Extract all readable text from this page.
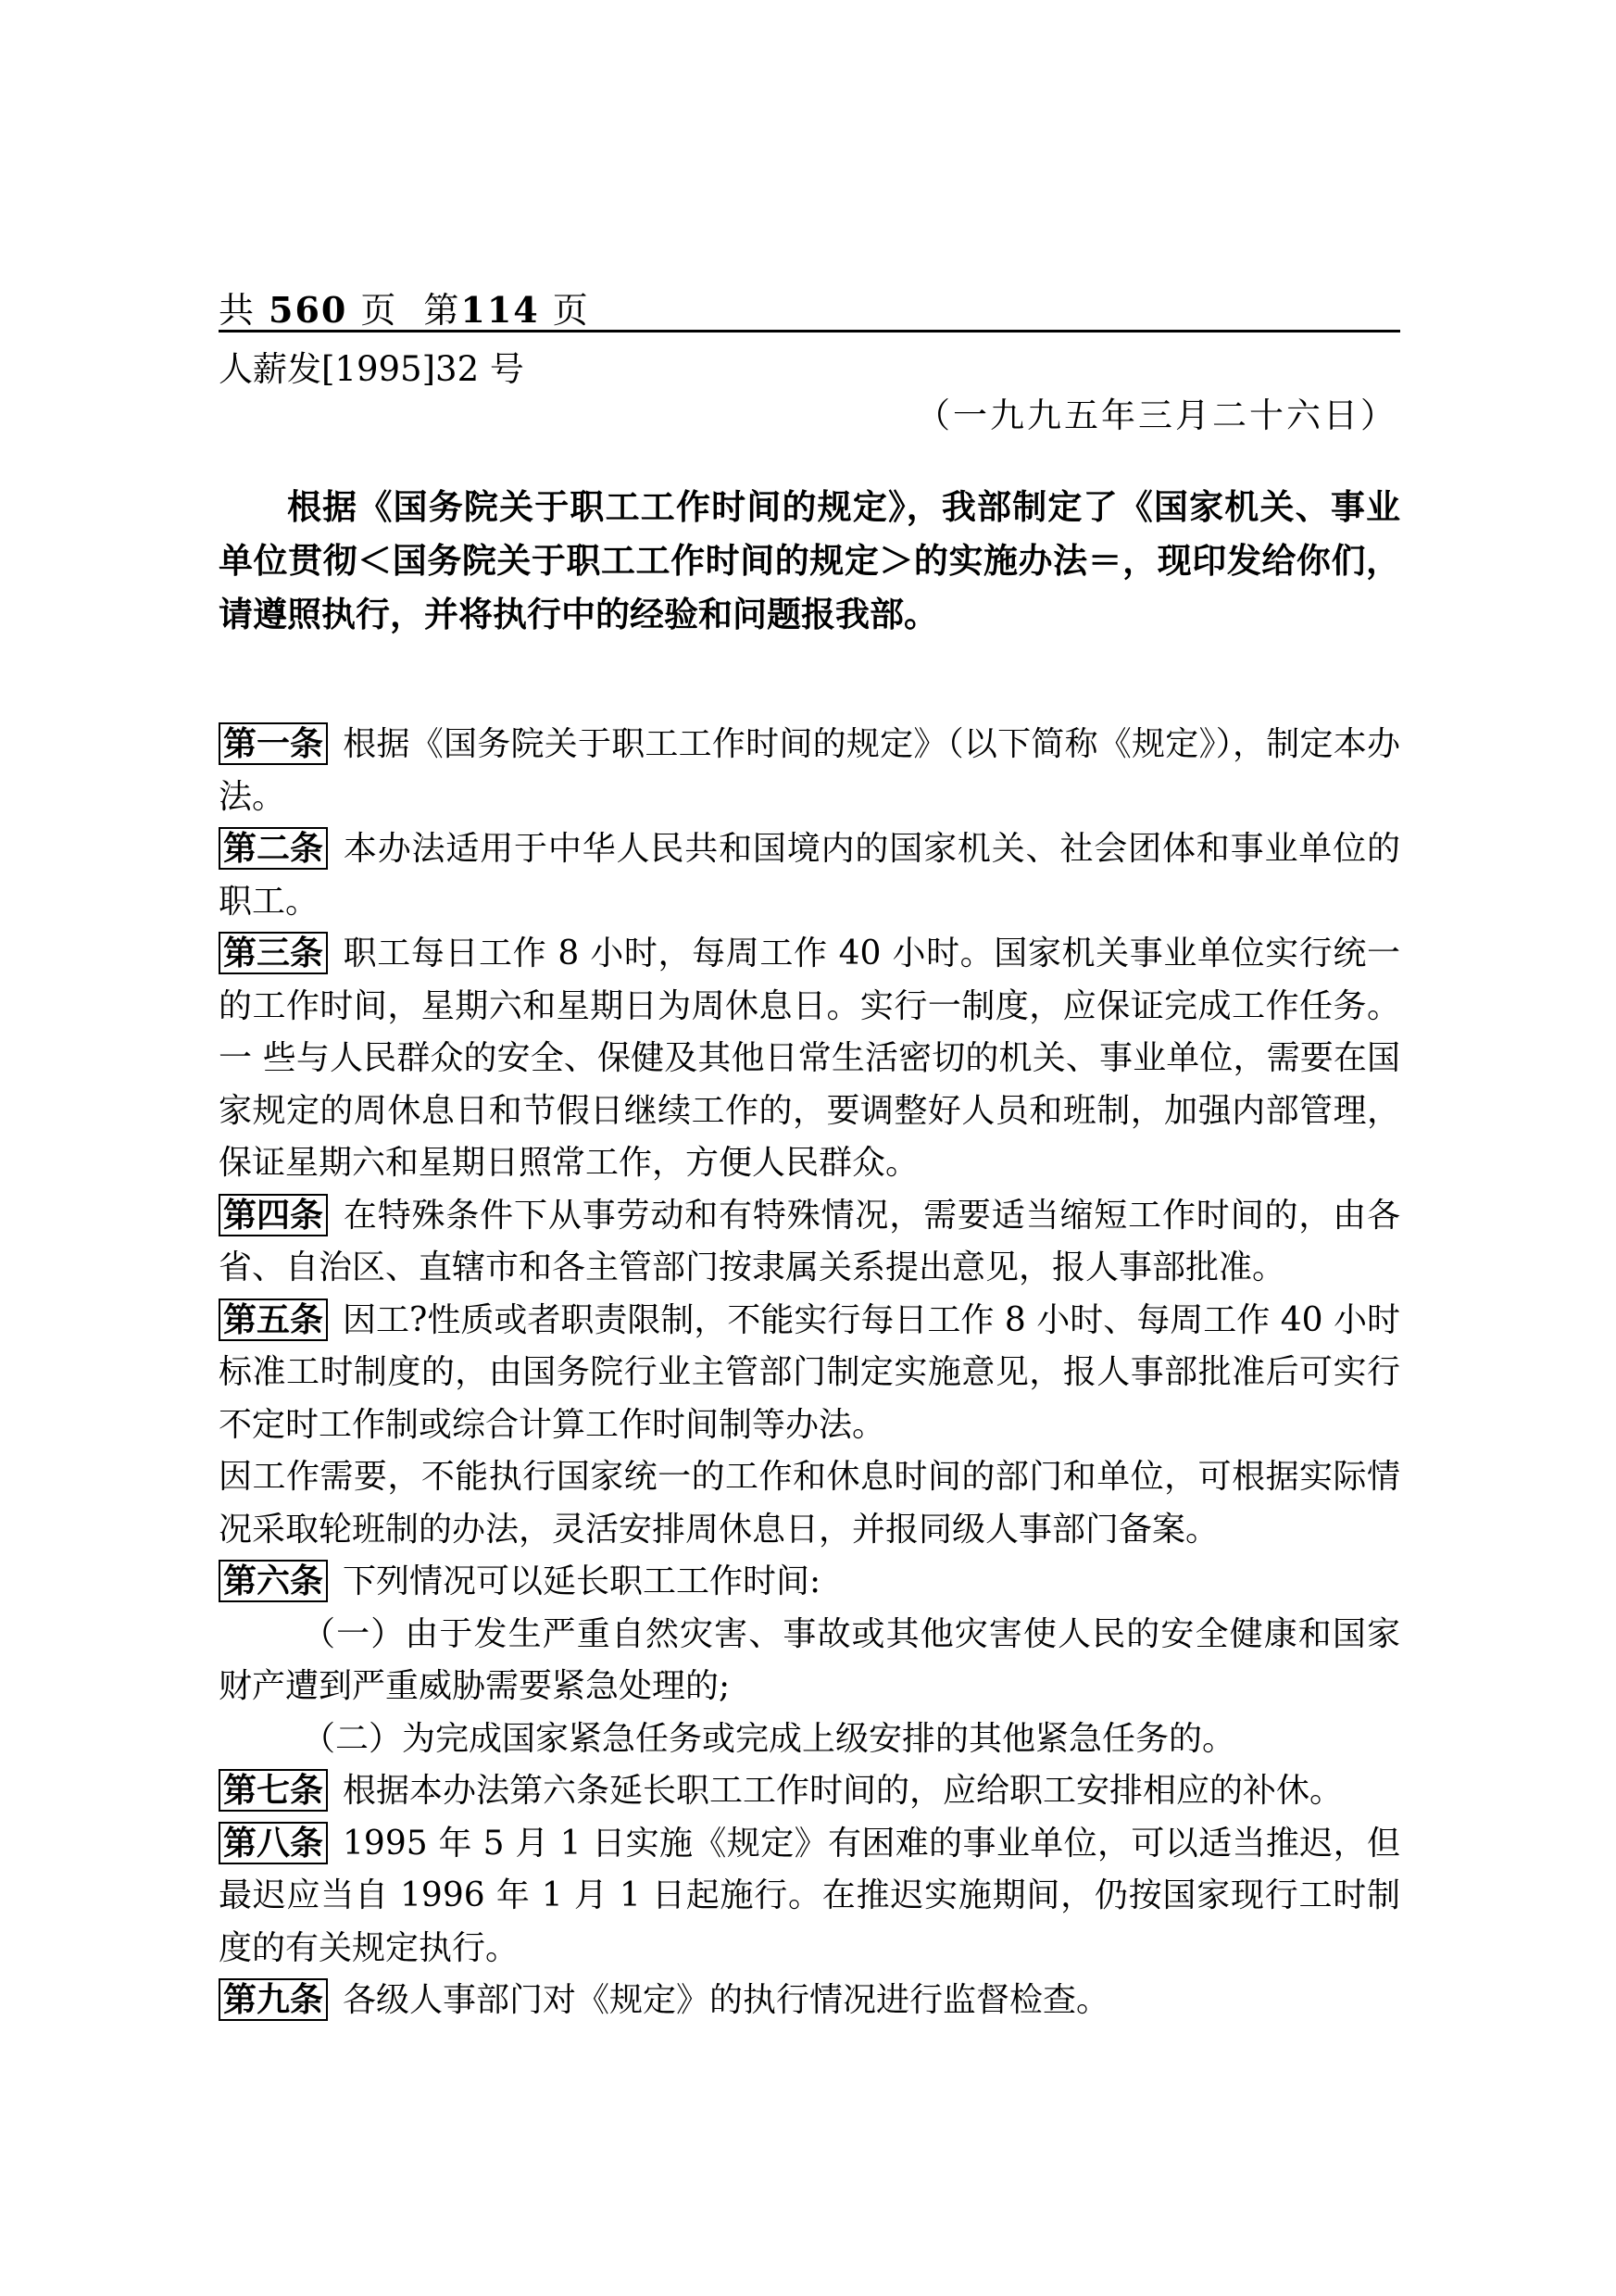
共 560 页 第114 页
人薪发[1995]32 号
（一九九五年三月二十六日）
根据《国务院关于职工工作时间的规定》，我部制定了《国家机关、事业单位贯彻＜国务院关于职工工作时间的规定＞的实施办法＝，现印发给你们，请遵照执行，并将执行中的经验和问题报我部。

第一条 根据《国务院关于职工工作时间的规定》（以下简称《规定》），制定本办法。

第二条 本办法适用于中华人民共和国境内的国家机关、社会团体和事业单位的职工。

第三条 职工每日工作 8 小时，每周工作 40 小时。国家机关事业单位实行统一的工作时间，星期六和星期日为周休息日。实行一制度，应保证完成工作任务。一 些与人民群众的安全、保健及其他日常生活密切的机关、事业单位，需要在国家规定的周休息日和节假日继续工作的，要调整好人员和班制，加强内部管理，保证星期六和星期日照常工作，方便人民群众。

第四条 在特殊条件下从事劳动和有特殊情况，需要适当缩短工作时间的，由各省、自治区、直辖市和各主管部门按隶属关系提出意见，报人事部批准。

第五条 因工?性质或者职责限制，不能实行每日工作 8 小时、每周工作 40 小时标准工时制度的，由国务院行业主管部门制定实施意见，报人事部批准后可实行不定时工作制或综合计算工作时间制等办法。

因工作需要，不能执行国家统一的工作和休息时间的部门和单位，可根据实际情况采取轮班制的办法，灵活安排周休息日，并报同级人事部门备案。

第六条 下列情况可以延长职工工作时间:

（一）由于发生严重自然灾害、事故或其他灾害使人民的安全健康和国家财产遭到严重威胁需要紧急处理的;

（二）为完成国家紧急任务或完成上级安排的其他紧急任务的。

第七条 根据本办法第六条延长职工工作时间的，应给职工安排相应的补休。

第八条 1995 年 5 月 1 日实施《规定》有困难的事业单位，可以适当推迟，但最迟应当自 1996 年 1 月 1 日起施行。在推迟实施期间，仍按国家现行工时制度的有关规定执行。

第九条 各级人事部门对《规定》的执行情况进行监督检查。
